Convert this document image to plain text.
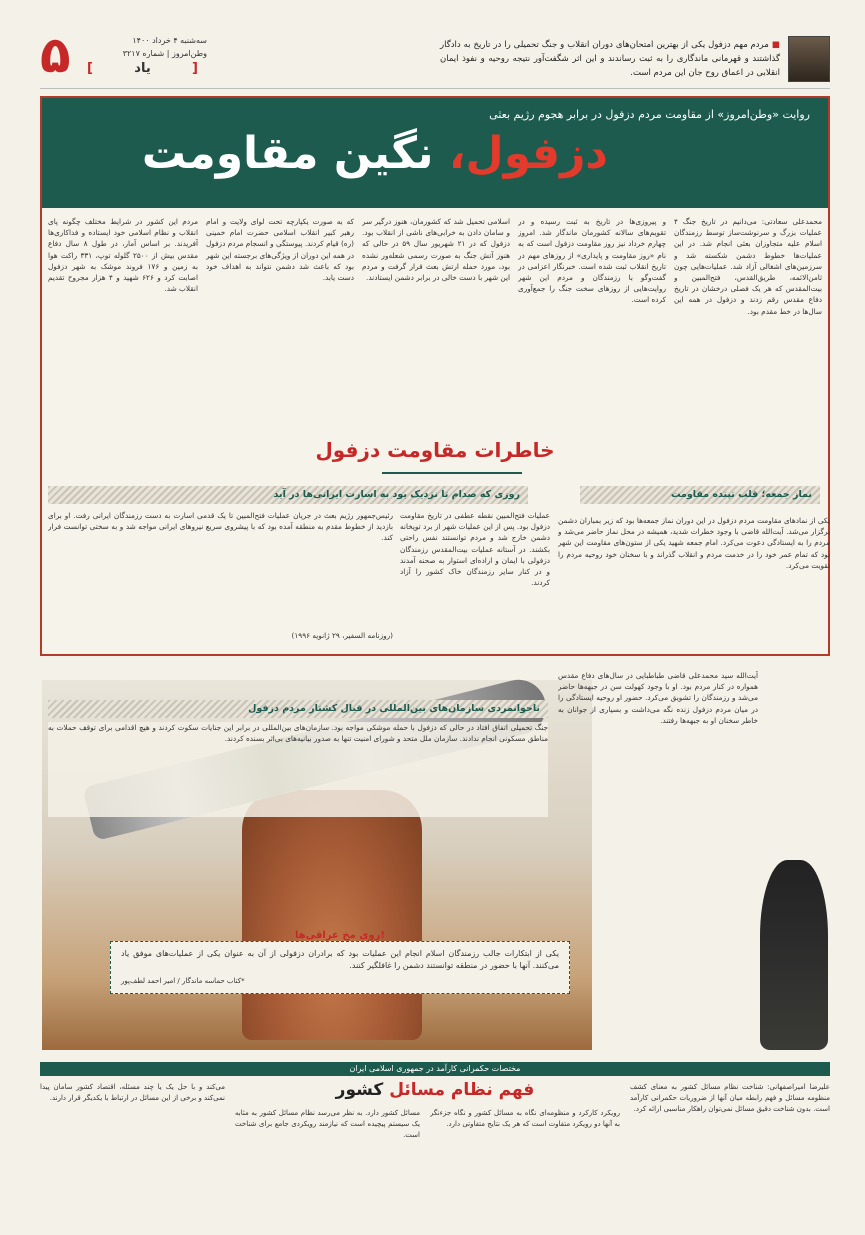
۵	سه‌شنبه ۴ خرداد ۱۴۰۰
وطن‌امروز | شماره ۳۲۱۷
[ یاد ]
■ مردم مهم دزفول یکی از بهترین امتحان‌های دوران انقلاب و جنگ تحمیلی را در تاریخ به دادگار گذاشتند و قهرمانی ماندگاری را به ثبت رساندند و این اثر شگفت‌آور نتیجه روحیه و نفوذ ایمان انقلابی در اعماق روح جان این مردم است.
روایت «وطن‌امروز» از مقاومت مردم دزفول در برابر هجوم رژیم بعثی
دزفول، نگین مقاومت
محمدعلی سعادتی: می‌دانیم در تاریخ جنگ ۴ عملیات بزرگ و سرنوشت‌ساز توسط رزمندگان اسلام علیه متجاوزان بعثی انجام شد. در این عملیات‌ها خطوط دشمن شکسته شد و سرزمین‌های اشغالی آزاد شد. عملیات‌هایی چون ثامن‌الائمه، طریق‌القدس، فتح‌المبین و بیت‌المقدس که هر یک فصلی درخشان در تاریخ دفاع مقدس رقم زدند و دزفول در همه این سال‌ها در خط مقدم بود.
و پیروزی‌ها در تاریخ به ثبت رسیده و در تقویم‌های سالانه کشورمان ماندگار شد. امروز چهارم خرداد نیز روز مقاومت دزفول است که به نام «روز مقاومت و پایداری» از روزهای مهم در تاریخ انقلاب ثبت شده است. خبرنگار اعزامی در گفت‌وگو با رزمندگان و مردم این شهر روایت‌هایی از روزهای سخت جنگ را جمع‌آوری کرده است.
اسلامی تحمیل شد که کشورمان، هنوز درگیر سر و سامان دادن به خرابی‌های ناشی از انقلاب بود. دزفول که در ۲۱ شهریور سال ۵۹ در حالی که هنوز آتش جنگ به صورت رسمی شعله‌ور نشده بود، مورد حمله ارتش بعث قرار گرفت و مردم این شهر با دست خالی در برابر دشمن ایستادند.
که به صورت یکپارچه تحت لوای ولایت و امام رهبر کبیر انقلاب اسلامی حضرت امام خمینی (ره) قیام کردند. پیوستگی و انسجام مردم دزفول در همه این دوران از ویژگی‌های برجسته این شهر بود که باعث شد دشمن نتواند به اهداف خود دست یابد.
مردم این کشور در شرایط مختلف چگونه پای انقلاب و نظام اسلامی خود ایستاده و فداکاری‌ها آفریدند. بر اساس آمار، در طول ۸ سال دفاع مقدس بیش از ۲۵۰۰ گلوله توپ، ۳۳۱ راکت هوا به زمین و ۱۷۶ فروند موشک به شهر دزفول اصابت کرد و ۶۲۶ شهید و ۴ هزار مجروح تقدیم انقلاب شد.
خاطرات مقاومت دزفول
نماز جمعه؛ قلب تپنده مقاومت
روزی که صدام تا نزدیک بود به اسارت ایرانی‌ها در آید
یکی از نمادهای مقاومت مردم دزفول در این دوران نماز جمعه‌ها بود که زیر بمباران دشمن برگزار می‌شد. آیت‌الله قاضی با وجود خطرات شدید، همیشه در محل نماز حاضر می‌شد و مردم را به ایستادگی دعوت می‌کرد. امام جمعه شهید یکی از ستون‌های مقاومت این شهر بود که تمام عمر خود را در خدمت مردم و انقلاب گذراند و با سخنان خود روحیه مردم را تقویت می‌کرد.
آیت‌الله سید محمدعلی قاضی طباطبایی در سال‌های دفاع مقدس همواره در کنار مردم بود. او با وجود کهولت سن در جبهه‌ها حاضر می‌شد و رزمندگان را تشویق می‌کرد. حضور او روحیه ایستادگی را در میان مردم دزفول زنده نگه می‌داشت و بسیاری از جوانان به خاطر سخنان او به جبهه‌ها رفتند.
عملیات فتح‌المبین نقطه عطفی در تاریخ مقاومت دزفول بود. پس از این عملیات شهر از برد توپخانه دشمن خارج شد و مردم توانستند نفس راحتی بکشند. در آستانه عملیات بیت‌المقدس رزمندگان دزفولی با ایمان و اراده‌ای استوار به صحنه آمدند و در کنار سایر رزمندگان خاک کشور را آزاد کردند.
رئیس‌جمهور رژیم بعث در جریان عملیات فتح‌المبین تا یک قدمی اسارت به دست رزمندگان ایرانی رفت. او برای بازدید از خطوط مقدم به منطقه آمده بود که با پیشروی سریع نیروهای ایرانی مواجه شد و به سختی توانست فرار کند.
(روزنامه السفیر، ۲۹ ژانویه ۱۹۹۶)
ناجوانمردی سازمان‌های بین‌المللی در قبال کشتار مردم دزفول
جنگ تحمیلی اتفاق افتاد در حالی که دزفول با حمله موشکی مواجه بود. سازمان‌های بین‌المللی در برابر این جنایات سکوت کردند و هیچ اقدامی برای توقف حملات به مناطق مسکونی انجام ندادند. سازمان ملل متحد و شورای امنیت تنها به صدور بیانیه‌های بی‌اثر بسنده کردند.
روی مخ عراقی‌ها!
یکی از ابتکارات جالب رزمندگان اسلام انجام این عملیات بود که برادران دزفولی از آن به عنوان یکی از عملیات‌های موفق یاد می‌کنند. آنها با حضور در منطقه توانستند دشمن را غافلگیر کنند.
*کتاب حماسه ماندگار / امیر احمد لطف‌پور
مختصات حکمرانی کارآمد در جمهوری اسلامی ایران
فهم نظام مسائل کشور	علیرضا امیراصفهانی: شناخت نظام مسائل کشور به معنای کشف منظومه مسائل و فهم رابطه میان آنها از ضروریات حکمرانی کارآمد است. بدون شناخت دقیق مسائل نمی‌توان راهکار مناسبی ارائه کرد.
رویکرد کارکرد و منظومه‌ای نگاه به مسائل کشور و نگاه جزءنگر به آنها دو رویکرد متفاوت است که هر یک نتایج متفاوتی دارد.
مسائل کشور دارد. به نظر می‌رسد نظام مسائل کشور به مثابه یک سیستم پیچیده است که نیازمند رویکردی جامع برای شناخت است.
می‌کند و با حل یک یا چند مسئله، اقتصاد کشور سامان پیدا نمی‌کند و برخی از این مسائل در ارتباط با یکدیگر قرار دارند.
